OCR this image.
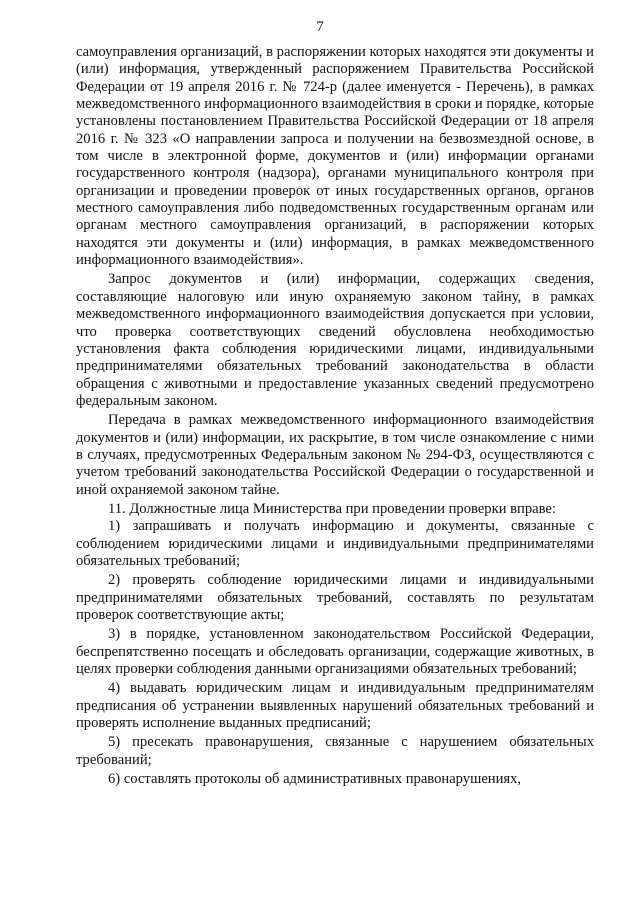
7

самоуправления организаций, в распоряжении которых находятся эти документы и (или) информация, утвержденный распоряжением Правительства Российской Федерации от 19 апреля 2016 г. № 724-р (далее именуется - Перечень), в рамках межведомственного информационного взаимодействия в сроки и порядке, которые установлены постановлением Правительства Российской Федерации от 18 апреля 2016 г. № 323 «О направлении запроса и получении на безвозмездной основе, в том числе в электронной форме, документов и (или) информации органами государственного контроля (надзора), органами муниципального контроля при организации и проведении проверок от иных государственных органов, органов местного самоуправления либо подведомственных государственным органам или органам местного самоуправления организаций, в распоряжении которых находятся эти документы и (или) информация, в рамках межведомственного информационного взаимодействия».

Запрос документов и (или) информации, содержащих сведения, составляющие налоговую или иную охраняемую законом тайну, в рамках межведомственного информационного взаимодействия допускается при условии, что проверка соответствующих сведений обусловлена необходимостью установления факта соблюдения юридическими лицами, индивидуальными предпринимателями обязательных требований законодательства в области обращения с животными и предоставление указанных сведений предусмотрено федеральным законом.

Передача в рамках межведомственного информационного взаимодействия документов и (или) информации, их раскрытие, в том числе ознакомление с ними в случаях, предусмотренных Федеральным законом № 294-ФЗ, осуществляются с учетом требований законодательства Российской Федерации о государственной и иной охраняемой законом тайне.

11. Должностные лица Министерства при проведении проверки вправе:

1) запрашивать и получать информацию и документы, связанные с соблюдением юридическими лицами и индивидуальными предпринимателями обязательных требований;

2) проверять соблюдение юридическими лицами и индивидуальными предпринимателями обязательных требований, составлять по результатам проверок соответствующие акты;

3) в порядке, установленном законодательством Российской Федерации, беспрепятственно посещать и обследовать организации, содержащие животных, в целях проверки соблюдения данными организациями обязательных требований;

4) выдавать юридическим лицам и индивидуальным предпринимателям предписания об устранении выявленных нарушений обязательных требований и проверять исполнение выданных предписаний;

5) пресекать правонарушения, связанные с нарушением обязательных требований;

6) составлять протоколы об административных правонарушениях,
